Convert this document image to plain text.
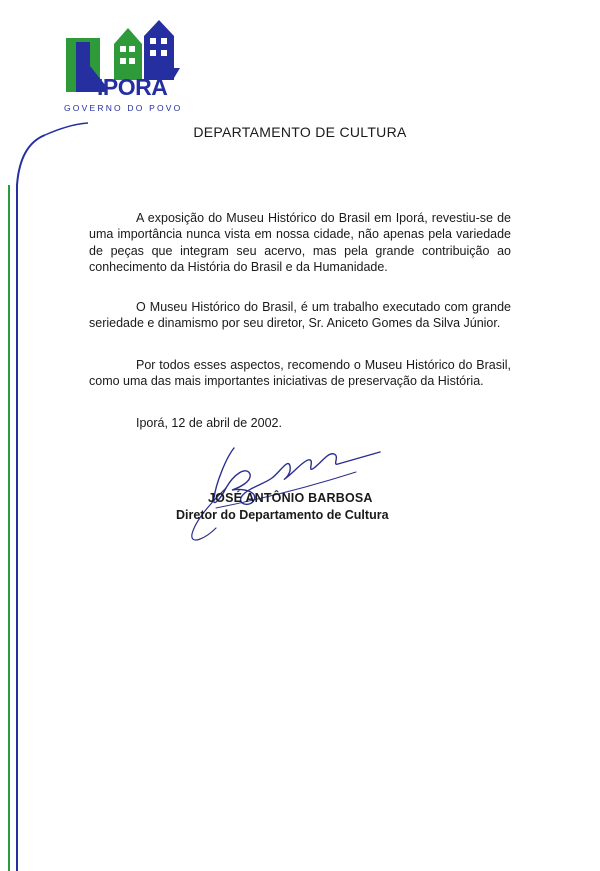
IPORÁ
GOVERNO DO POVO
DEPARTAMENTO DE CULTURA

A exposição do Museu Histórico do Brasil em Iporá, revestiu-se de uma importância nunca vista em nossa cidade, não apenas pela variedade de peças que integram seu acervo, mas pela grande contribuição ao conhecimento da História do Brasil e da Humanidade.

O Museu Histórico do Brasil, é um trabalho executado com grande seriedade e dinamismo por seu diretor, Sr. Aniceto Gomes da Silva Júnior.

Por todos esses aspectos, recomendo o Museu Histórico do Brasil, como uma das mais importantes iniciativas de preservação da História.

Iporá, 12 de abril de 2002.
JOSÉ ANTÔNIO BARBOSA
Diretor do Departamento de Cultura
